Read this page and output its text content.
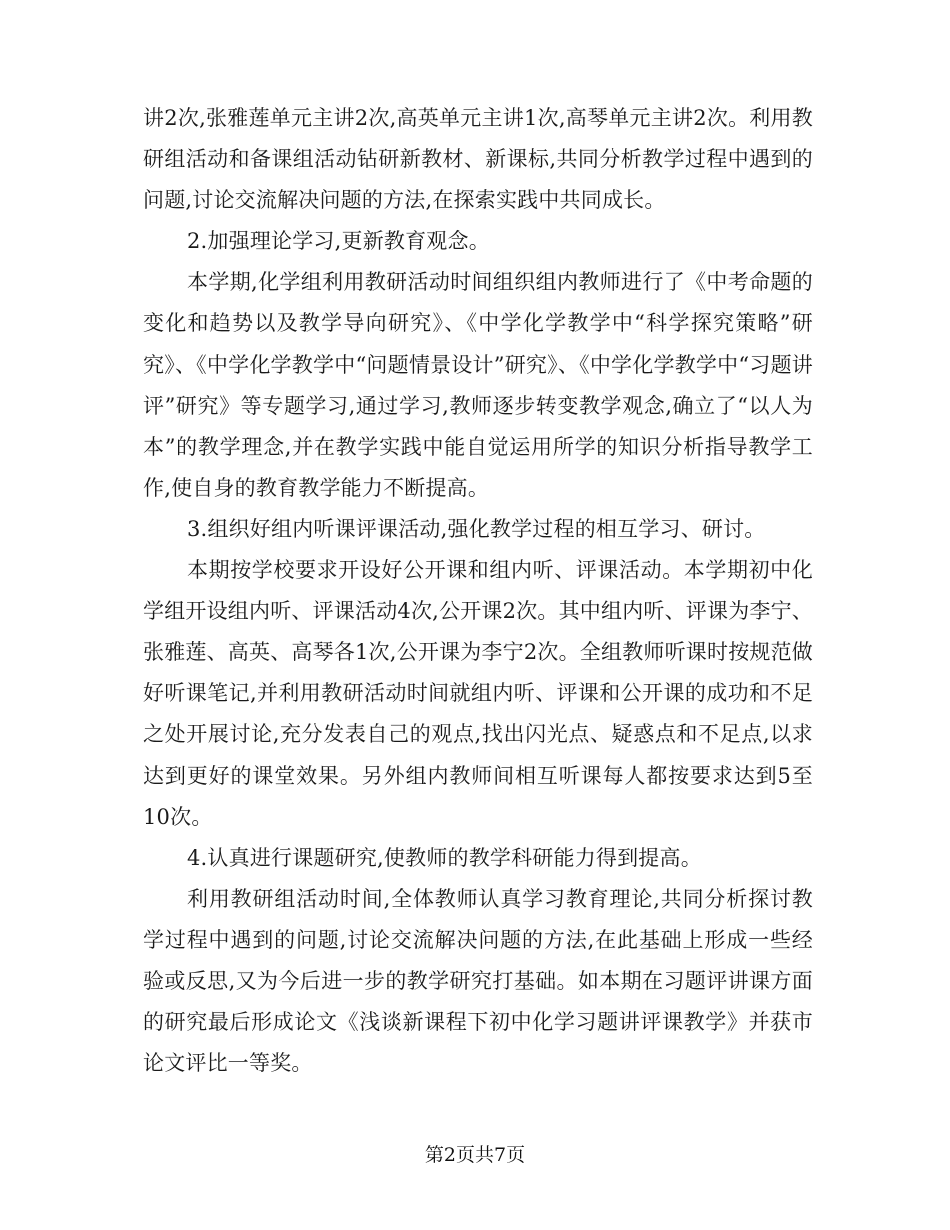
讲2次,张雅莲单元主讲2次,高英单元主讲1次,高琴单元主讲2次。利用教研组活动和备课组活动钻研新教材、新课标,共同分析教学过程中遇到的问题,讨论交流解决问题的方法,在探索实践中共同成长。

2.加强理论学习,更新教育观念。

本学期,化学组利用教研活动时间组织组内教师进行了《中考命题的变化和趋势以及教学导向研究》、《中学化学教学中“科学探究策略”研究》、《中学化学教学中“问题情景设计”研究》、《中学化学教学中“习题讲评”研究》等专题学习,通过学习,教师逐步转变教学观念,确立了“以人为本”的教学理念,并在教学实践中能自觉运用所学的知识分析指导教学工作,使自身的教育教学能力不断提高。

3.组织好组内听课评课活动,强化教学过程的相互学习、研讨。

本期按学校要求开设好公开课和组内听、评课活动。本学期初中化学组开设组内听、评课活动4次,公开课2次。其中组内听、评课为李宁、张雅莲、高英、高琴各1次,公开课为李宁2次。全组教师听课时按规范做好听课笔记,并利用教研活动时间就组内听、评课和公开课的成功和不足之处开展讨论,充分发表自己的观点,找出闪光点、疑惑点和不足点,以求达到更好的课堂效果。另外组内教师间相互听课每人都按要求达到5至10次。

4.认真进行课题研究,使教师的教学科研能力得到提高。

利用教研组活动时间,全体教师认真学习教育理论,共同分析探讨教学过程中遇到的问题,讨论交流解决问题的方法,在此基础上形成一些经验或反思,又为今后进一步的教学研究打基础。如本期在习题评讲课方面的研究最后形成论文《浅谈新课程下初中化学习题讲评课教学》并获市论文评比一等奖。

第2页共7页
